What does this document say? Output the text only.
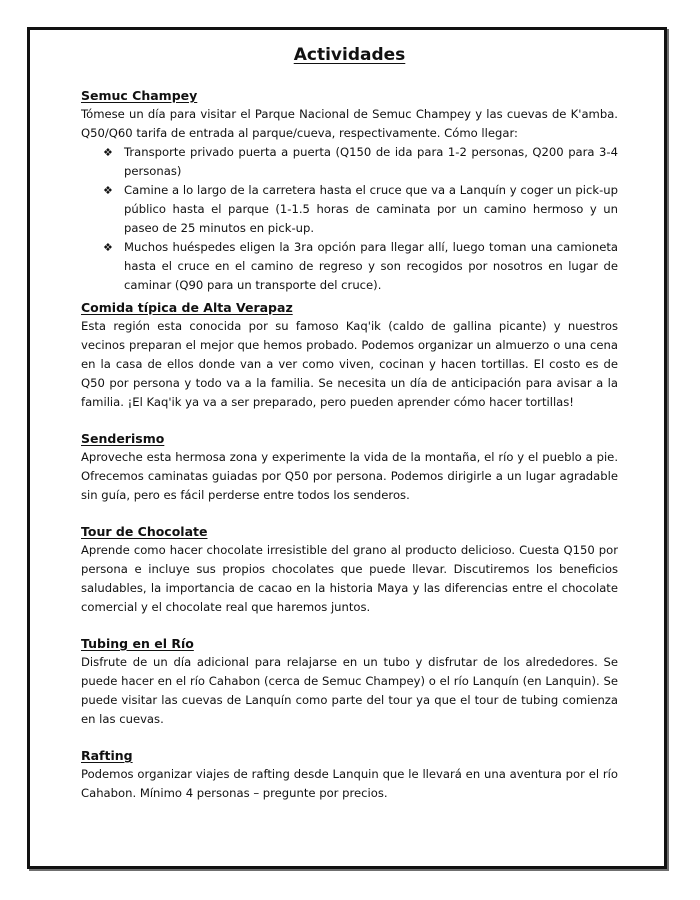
Actividades
Semuc Champey

Tómese un día para visitar el Parque Nacional de Semuc Champey y las cuevas de K'amba. Q50/Q60 tarifa de entrada al parque/cueva, respectivamente. Cómo llegar:

❖ Transporte privado puerta a puerta (Q150 de ida para 1-2 personas, Q200 para 3-4 personas)
❖ Camine a lo largo de la carretera hasta el cruce que va a Lanquín y coger un pick-up público hasta el parque (1-1.5 horas de caminata por un camino hermoso y un paseo de 25 minutos en pick-up.
❖ Muchos huéspedes eligen la 3ra opción para llegar allí, luego toman una camioneta hasta el cruce en el camino de regreso y son recogidos por nosotros en lugar de caminar (Q90 para un transporte del cruce).
Comida típica de Alta Verapaz

Esta región esta conocida por su famoso Kaq'ik (caldo de gallina picante) y nuestros vecinos preparan el mejor que hemos probado. Podemos organizar un almuerzo o una cena en la casa de ellos donde van a ver como viven, cocinan y hacen tortillas. El costo es de Q50 por persona y todo va a la familia. Se necesita un día de anticipación para avisar a la familia. ¡El Kaq'ik ya va a ser preparado, pero pueden aprender cómo hacer tortillas!

Senderismo

Aproveche esta hermosa zona y experimente la vida de la montaña, el río y el pueblo a pie. Ofrecemos caminatas guiadas por Q50 por persona. Podemos dirigirle a un lugar agradable sin guía, pero es fácil perderse entre todos los senderos.

Tour de Chocolate

Aprende como hacer chocolate irresistible del grano al producto delicioso. Cuesta Q150 por persona e incluye sus propios chocolates que puede llevar. Discutiremos los beneficios saludables, la importancia de cacao en la historia Maya y las diferencias entre el chocolate comercial y el chocolate real que haremos juntos.

Tubing en el Río

Disfrute de un día adicional para relajarse en un tubo y disfrutar de los alrededores. Se puede hacer en el río Cahabon (cerca de Semuc Champey) o el río Lanquín (en Lanquin). Se puede visitar las cuevas de Lanquín como parte del tour ya que el tour de tubing comienza en las cuevas.

Rafting

Podemos organizar viajes de rafting desde Lanquin que le llevará en una aventura por el río Cahabon. Mínimo 4 personas – pregunte por precios.
